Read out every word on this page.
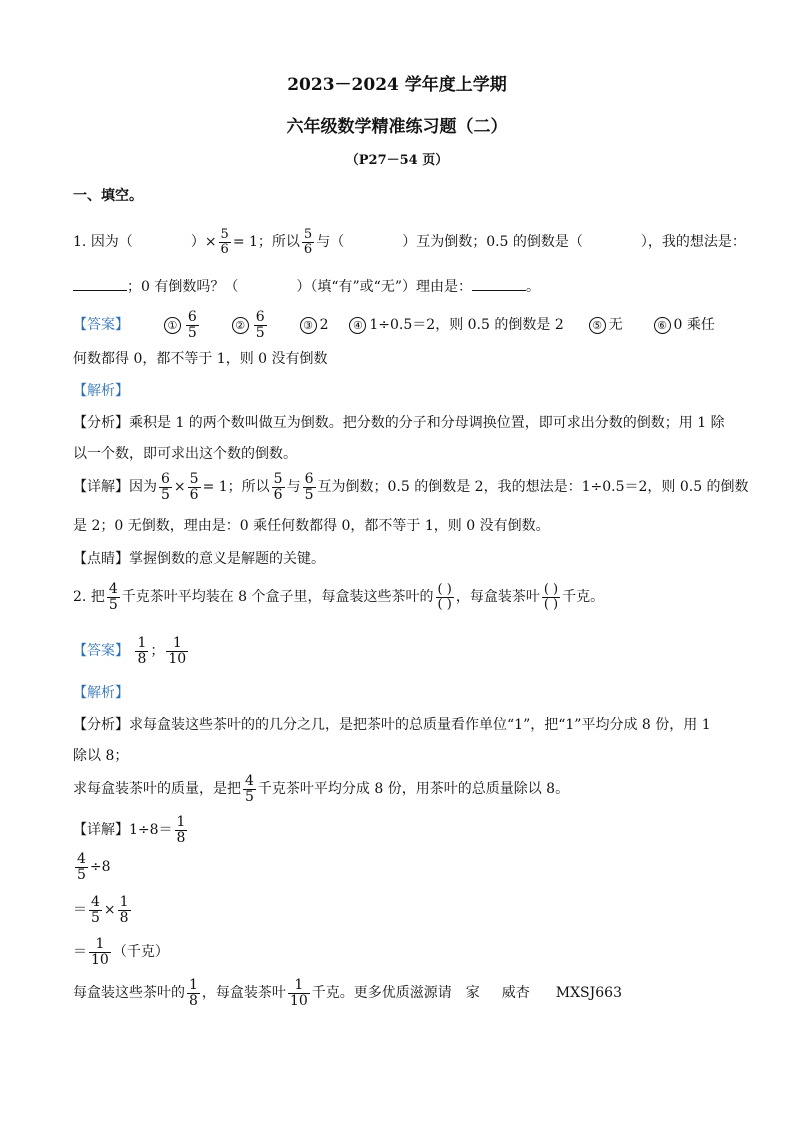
2023－2024 学年度上学期
六年级数学精准练习题（二）
（P27－54 页）
一、填空。
1. 因为（	）× $\frac{5}{6} = 1$；所以 $\frac{5}{6}$ 与（	）互为倒数；0.5 的倒数是（	），我的想法是：
；0 有倒数吗？（	）（填“有”或“无”）理由是：	。
【答案】	① $\frac{6}{5}$	② $\frac{6}{5}$	③ 2 ④ 1÷0.5＝2，则 0.5 的倒数是 2	⑤ 无	⑥ 0 乘任
何数都得 0，都不等于 1，则 0 没有倒数
【解析】
【分析】乘积是 1 的两个数叫做互为倒数。把分数的分子和分母调换位置，即可求出分数的倒数；用 1 除
以一个数，即可求出这个数的倒数。
【详解】因为 $\frac{6}{5} \times \frac{5}{6} = 1$；所以 $\frac{5}{6}$ 与 $\frac{6}{5}$ 互为倒数；0.5 的倒数是 2，我的想法是：1÷0.5＝2，则 0.5 的倒数
是 2；0 无倒数，理由是：0 乘任何数都得 0，都不等于 1，则 0 没有倒数。
【点睛】掌握倒数的意义是解题的关键。
2. 把 $\frac{4}{5}$ 千克茶叶平均装在 8 个盒子里，每盒装这些茶叶的 $\frac{( )}{( )}$ ，每盒装茶叶 $\frac{( )}{( )}$ 千克。
【答案】 $\frac{1}{8}$ ； $\frac{1}{10}$
【解析】
【分析】求每盒装这些茶叶的的几分之几，是把茶叶的总质量看作单位“1”，把“1”平均分成 8 份，用 1
除以 8；
求每盒装茶叶的质量，是把 $\frac{4}{5}$ 千克茶叶平均分成 8 份，用茶叶的总质量除以 8。
【详解】$1\div 8= \frac{1}{8}$
$\frac{4}{5} \div 8$
＝ $\frac{4}{5} \times \frac{1}{8}$
＝ $\frac{1}{10}$ （千克）
每盒装这些茶叶的 $\frac{1}{8}$ ，每盒装茶叶 $\frac{1}{10}$ 千克。更多优质滋源请 家 威杏 MXSJ663
